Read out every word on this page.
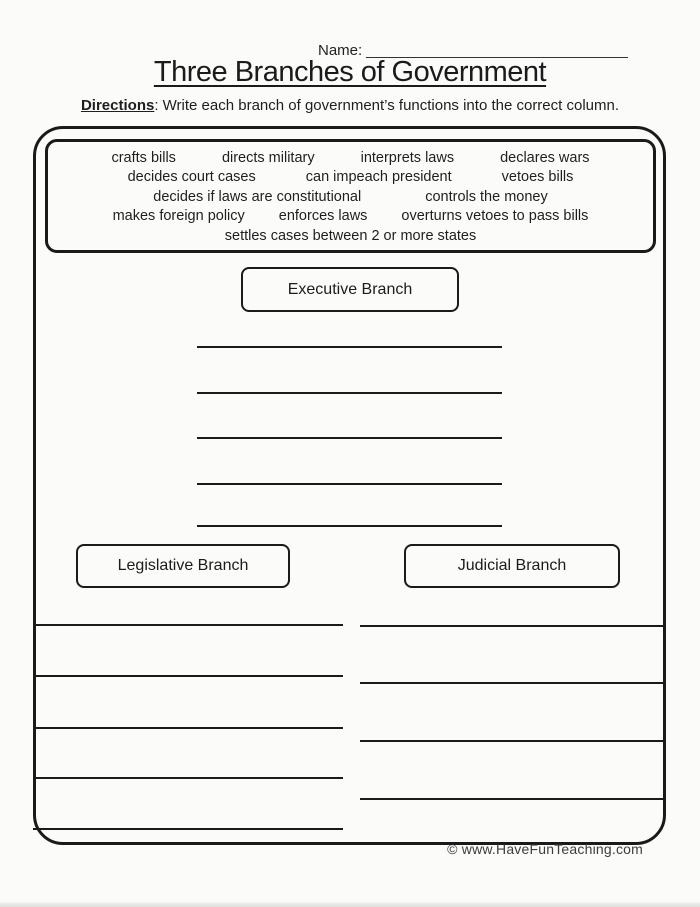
Name:
Three Branches of Government
Directions: Write each branch of government’s functions into the correct column.
crafts bills	directs military	interprets laws	declares wars
decides court cases	can impeach president	vetoes bills
decides if laws are constitutional	controls the money
makes foreign policy enforces laws overturns vetoes to pass bills
settles cases between 2 or more states
Executive Branch
Legislative Branch	Judicial Branch
© www.HaveFunTeaching.com
